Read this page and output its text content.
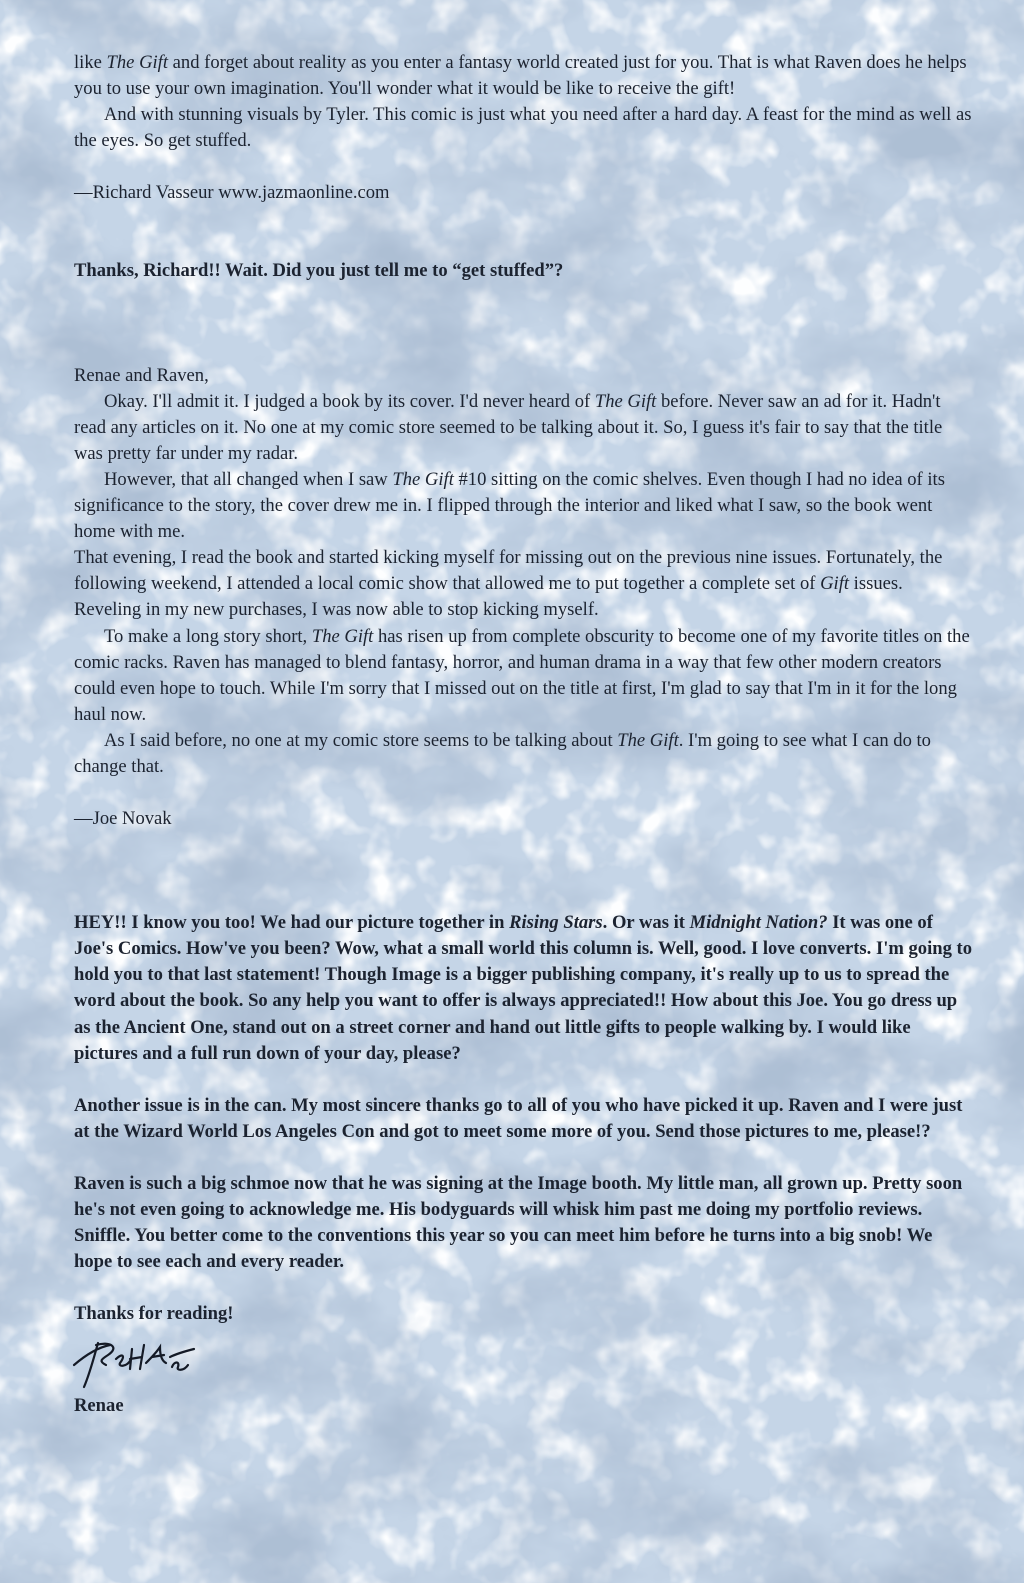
like The Gift and forget about reality as you enter a fantasy world created just for you. That is what Raven does he helps you to use your own imagination. You'll wonder what it would be like to receive the gift!

And with stunning visuals by Tyler. This comic is just what you need after a hard day. A feast for the mind as well as the eyes. So get stuffed.

—Richard Vasseur www.jazmaonline.com

Thanks, Richard!! Wait. Did you just tell me to “get stuffed”?

Renae and Raven,

Okay. I'll admit it. I judged a book by its cover. I'd never heard of The Gift before. Never saw an ad for it. Hadn't read any articles on it. No one at my comic store seemed to be talking about it. So, I guess it's fair to say that the title was pretty far under my radar.

However, that all changed when I saw The Gift #10 sitting on the comic shelves. Even though I had no idea of its significance to the story, the cover drew me in. I flipped through the interior and liked what I saw, so the book went home with me.

That evening, I read the book and started kicking myself for missing out on the previous nine issues. Fortunately, the following weekend, I attended a local comic show that allowed me to put together a complete set of Gift issues. Reveling in my new purchases, I was now able to stop kicking myself.

To make a long story short, The Gift has risen up from complete obscurity to become one of my favorite titles on the comic racks. Raven has managed to blend fantasy, horror, and human drama in a way that few other modern creators could even hope to touch. While I'm sorry that I missed out on the title at first, I'm glad to say that I'm in it for the long haul now.

As I said before, no one at my comic store seems to be talking about The Gift. I'm going to see what I can do to change that.

—Joe Novak

HEY!! I know you too! We had our picture together in Rising Stars. Or was it Midnight Nation? It was one of Joe's Comics. How've you been? Wow, what a small world this column is. Well, good. I love converts. I'm going to hold you to that last statement! Though Image is a bigger publishing company, it's really up to us to spread the word about the book. So any help you want to offer is always appreciated!! How about this Joe. You go dress up as the Ancient One, stand out on a street corner and hand out little gifts to people walking by. I would like pictures and a full run down of your day, please?

Another issue is in the can. My most sincere thanks go to all of you who have picked it up. Raven and I were just at the Wizard World Los Angeles Con and got to meet some more of you. Send those pictures to me, please!?

Raven is such a big schmoe now that he was signing at the Image booth. My little man, all grown up. Pretty soon he's not even going to acknowledge me. His bodyguards will whisk him past me doing my portfolio reviews. Sniffle. You better come to the conventions this year so you can meet him before he turns into a big snob! We hope to see each and every reader.

Thanks for reading!

Renae
